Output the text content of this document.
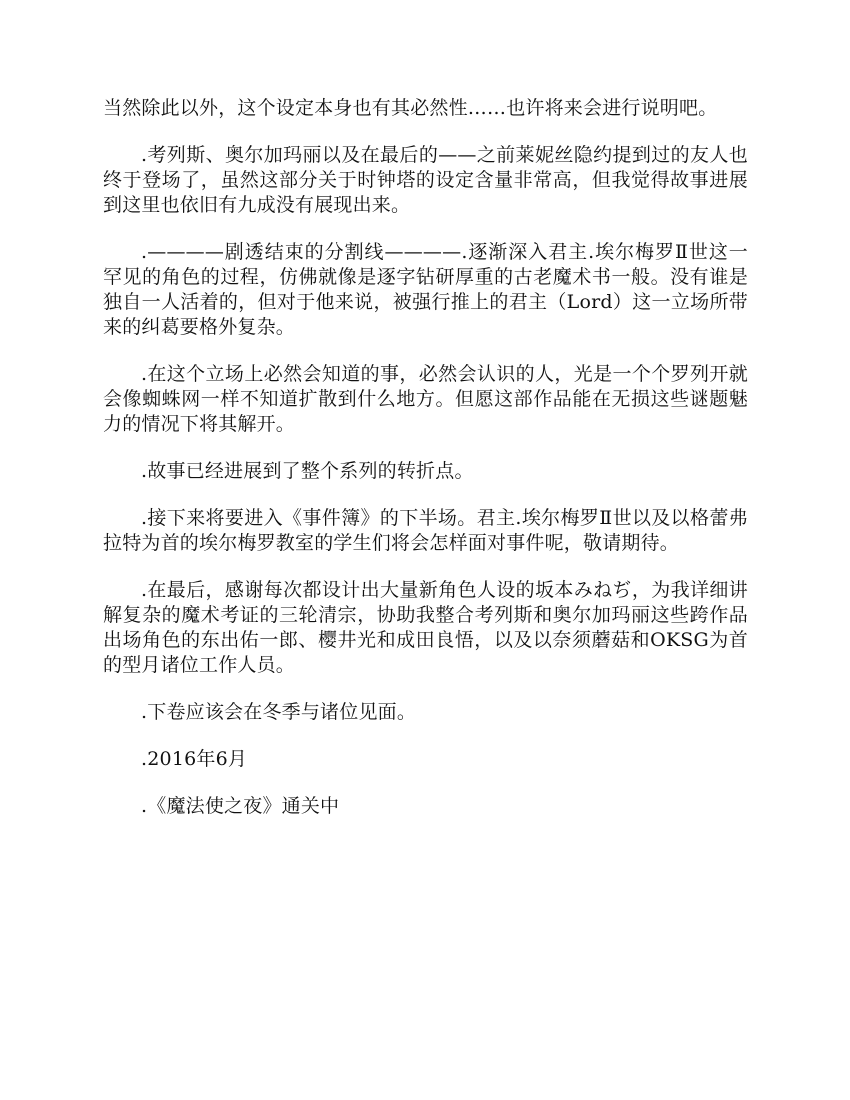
当然除此以外，这个设定本身也有其必然性……也许将来会进行说明吧。

.考列斯、奥尔加玛丽以及在最后的——之前莱妮丝隐约提到过的友人也终于登场了，虽然这部分关于时钟塔的设定含量非常高，但我觉得故事进展到这里也依旧有九成没有展现出来。

.————剧透结束的分割线————.逐渐深入君主.埃尔梅罗Ⅱ世这一罕见的角色的过程，仿佛就像是逐字钻研厚重的古老魔术书一般。没有谁是独自一人活着的，但对于他来说，被强行推上的君主（Lord）这一立场所带来的纠葛要格外复杂。

.在这个立场上必然会知道的事，必然会认识的人，光是一个个罗列开就会像蜘蛛网一样不知道扩散到什么地方。但愿这部作品能在无损这些谜题魅力的情况下将其解开。

.故事已经进展到了整个系列的转折点。

.接下来将要进入《事件簿》的下半场。君主.埃尔梅罗Ⅱ世以及以格蕾弗拉特为首的埃尔梅罗教室的学生们将会怎样面对事件呢，敬请期待。

.在最后，感谢每次都设计出大量新角色人设的坂本みねぢ，为我详细讲解复杂的魔术考证的三轮清宗，协助我整合考列斯和奥尔加玛丽这些跨作品出场角色的东出佑一郎、樱井光和成田良悟，以及以奈须蘑菇和OKSG为首的型月诸位工作人员。

.下卷应该会在冬季与诸位见面。

.2016年6月

.《魔法使之夜》通关中
